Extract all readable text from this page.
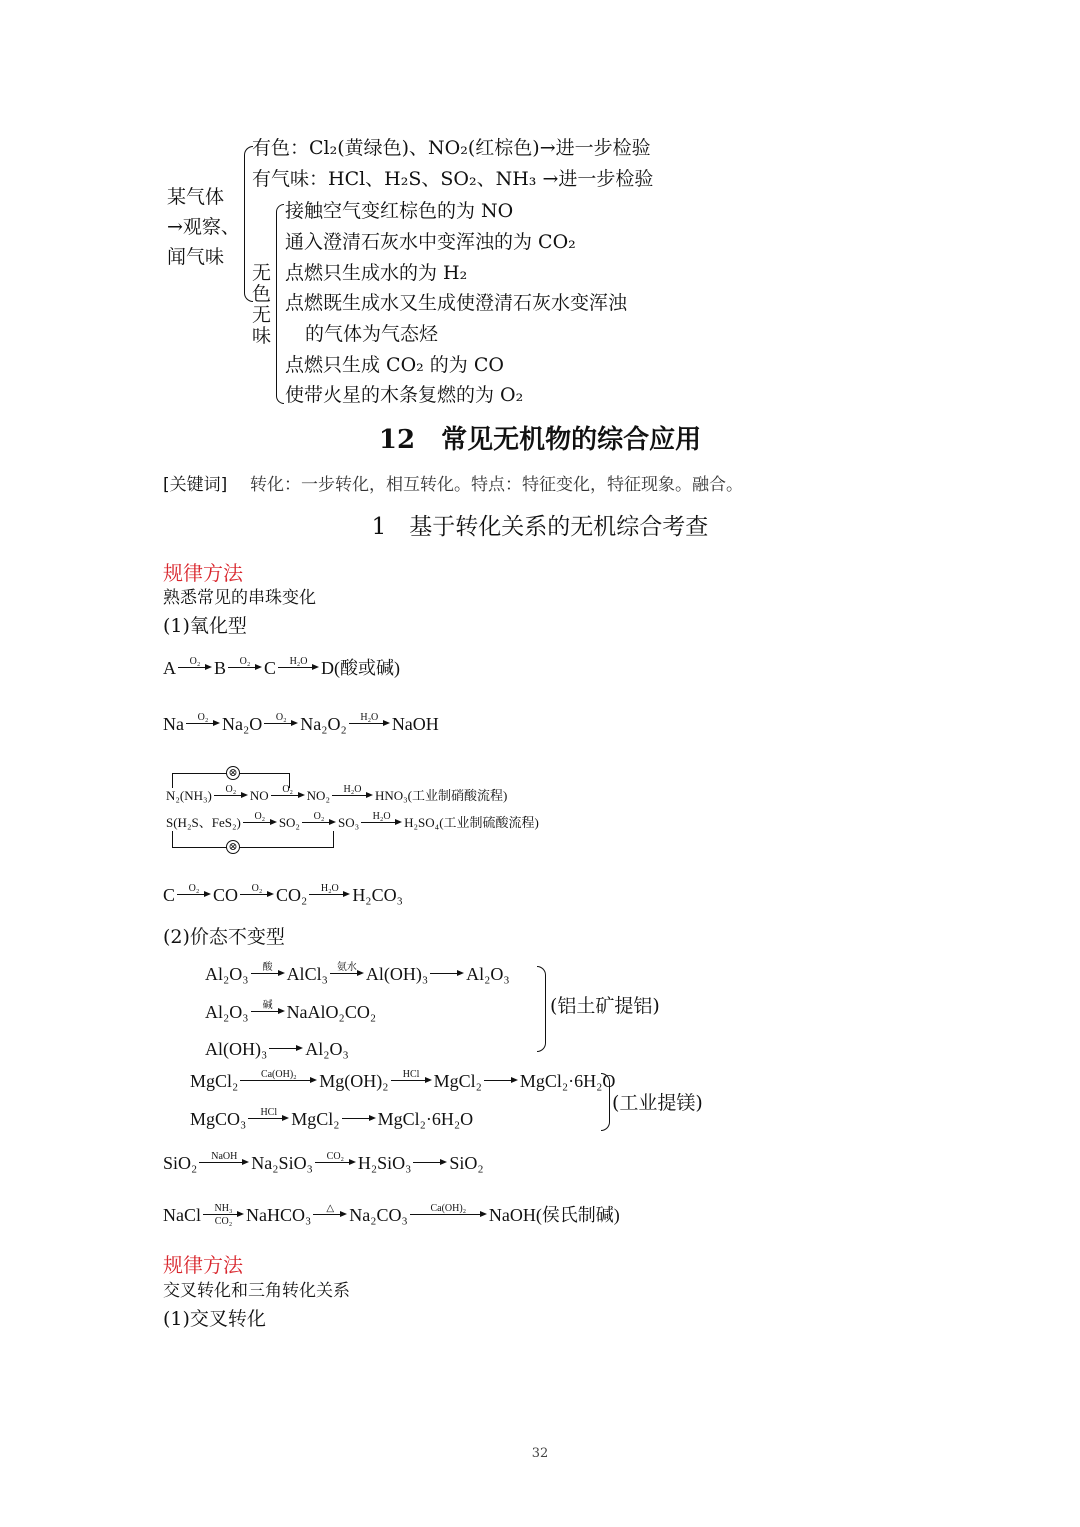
某气体
→观察、
闻气味
有色：Cl₂(黄绿色)、NO₂(红棕色)→进一步检验
有气味：HCl、H₂S、SO₂、NH₃ →进一步检验
无
色
无
味
接触空气变红棕色的为 NO
通入澄清石灰水中变浑浊的为 CO₂
点燃只生成水的为 H₂
点燃既生成水又生成使澄清石灰水变浑浊
的气体为气态烃
点燃只生成 CO₂ 的为 CO
使带火星的木条复燃的为 O₂
12　常见无机物的综合应用
[关键词] 转化：一步转化，相互转化。特点：特征变化，特征现象。融合。
1　基于转化关系的无机综合考查
规律方法
熟悉常见的串珠变化
(1)氧化型
A O₂ B O₂ C H₂O D(酸或碱)
Na O₂ Na₂O O₂ Na₂O₂ H₂O NaOH
⊗
N₂(NH₃) O₂ NO O₂ NO₂ H₂O HNO₃(工业制硝酸流程)
S(H₂S、FeS₂) O₂ SO₂ O₂ SO₃ H₂O H₂SO₄(工业制硫酸流程)
⊗
C O₂ CO O₂ CO₂ H₂O H₂CO₃
(2)价态不变型
Al₂O₃ 酸 AlCl₃ 氨水 Al(OH)₃ Al₂O₃
Al₂O₃ 碱 NaAlO₂CO₂
Al(OH)₃ Al₂O₃
(铝土矿提铝)
MgCl₂ Ca(OH)₂ Mg(OH)₂ HCl MgCl₂ MgCl₂·6H₂O
MgCO₃ HCl MgCl₂ MgCl₂·6H₂O
(工业提镁)
SiO₂ NaOH Na₂SiO₃ CO₂ H₂SiO₃ SiO₂
NaCl NH₃
CO₂ NaHCO₃ △ Na₂CO₃ Ca(OH)₂ NaOH(侯氏制碱)
规律方法
交叉转化和三角转化关系
(1)交叉转化
32
